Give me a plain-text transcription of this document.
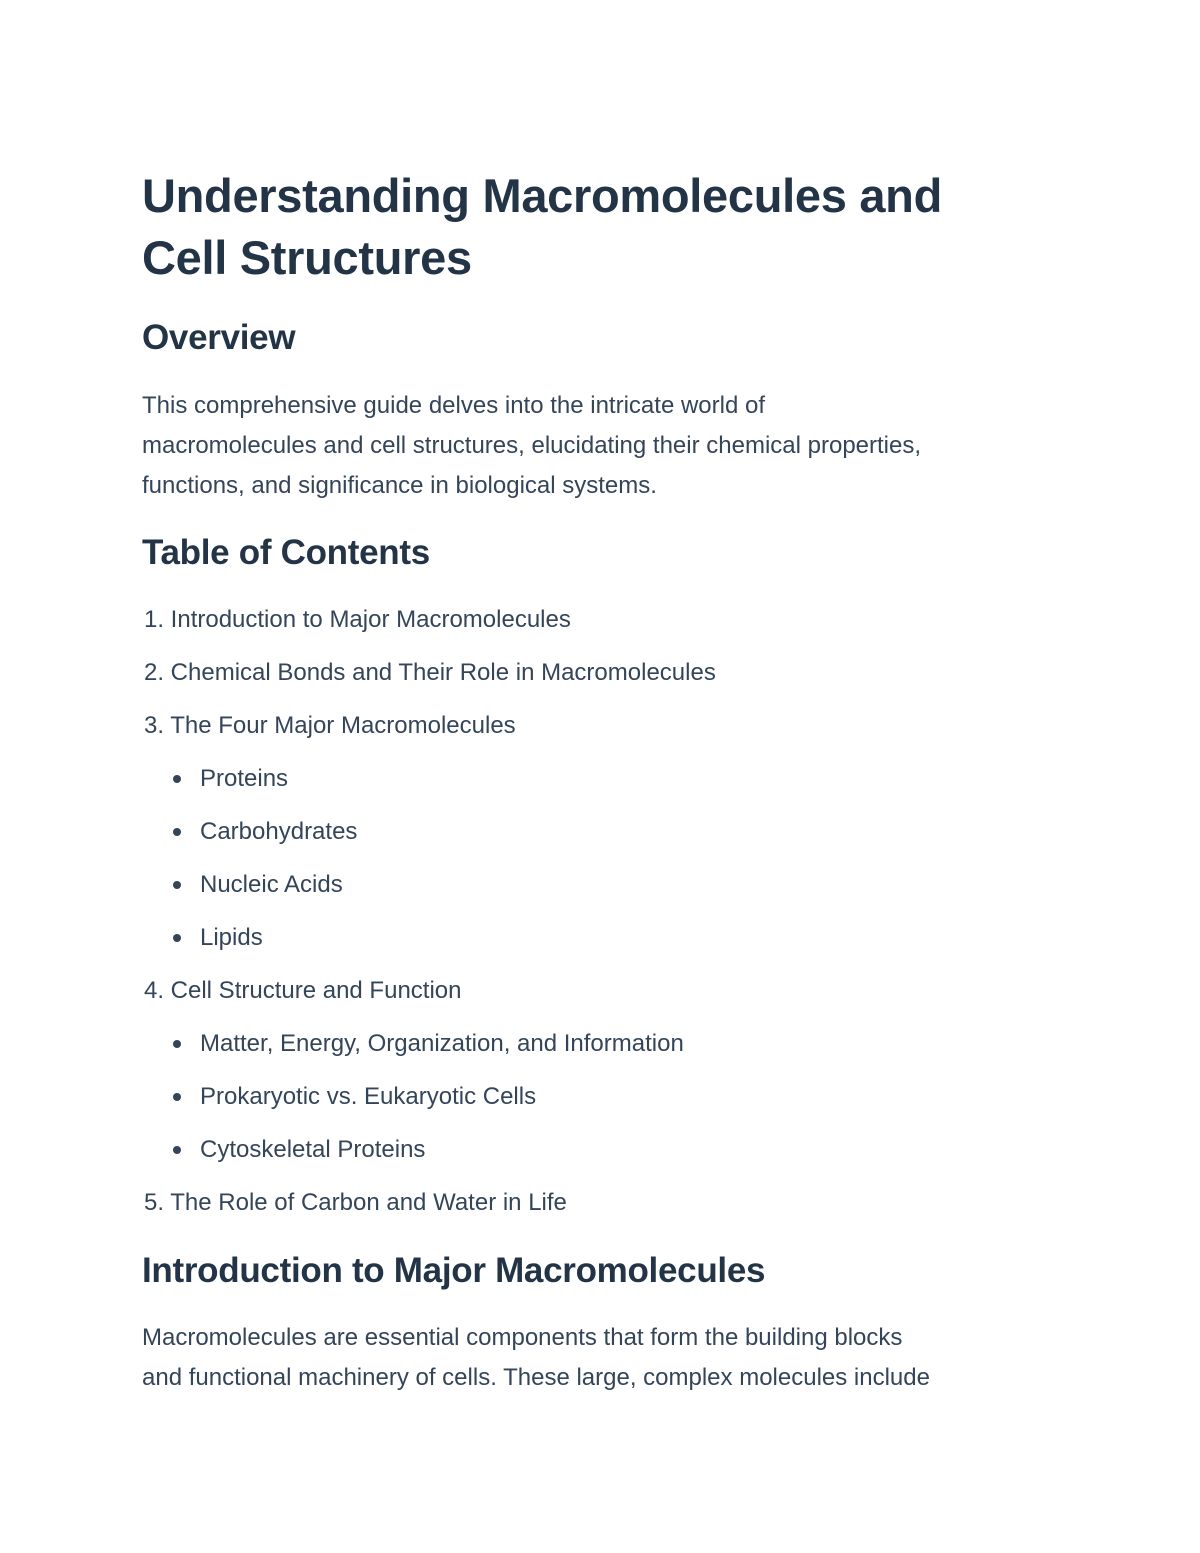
Understanding Macromolecules and
Cell Structures
Overview

This comprehensive guide delves into the intricate world of
macromolecules and cell structures, elucidating their chemical properties,
functions, and significance in biological systems.

Table of Contents
1. Introduction to Major Macromolecules
2. Chemical Bonds and Their Role in Macromolecules
3. The Four Major Macromolecules
Proteins
Carbohydrates
Nucleic Acids
Lipids
4. Cell Structure and Function
Matter, Energy, Organization, and Information
Prokaryotic vs. Eukaryotic Cells
Cytoskeletal Proteins
5. The Role of Carbon and Water in Life
Introduction to Major Macromolecules

Macromolecules are essential components that form the building blocks
and functional machinery of cells. These large, complex molecules include
